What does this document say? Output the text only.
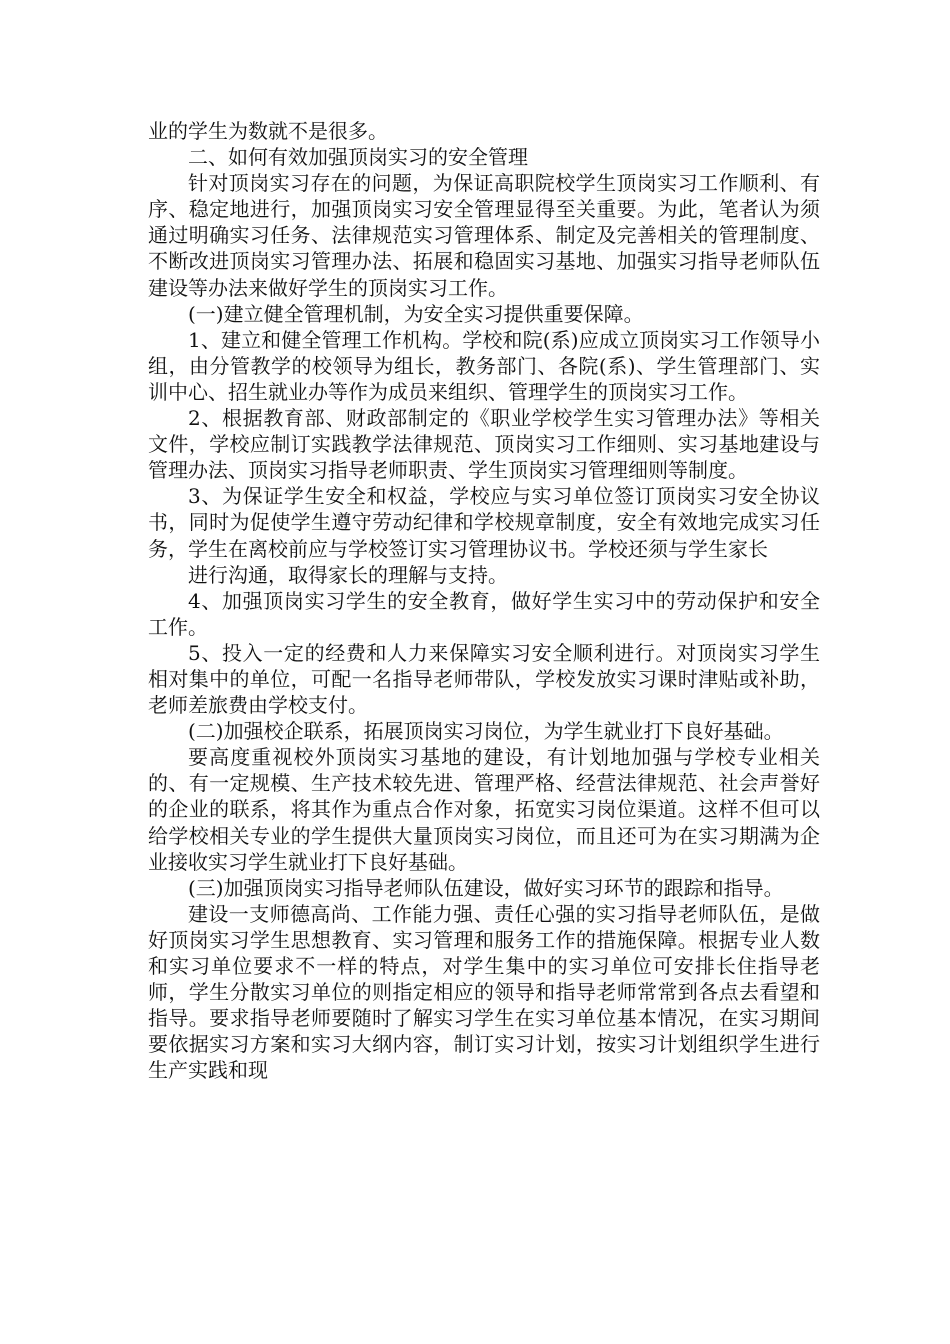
业的学生为数就不是很多。

二、如何有效加强顶岗实习的安全管理

针对顶岗实习存在的问题，为保证高职院校学生顶岗实习工作顺利、有序、稳定地进行，加强顶岗实习安全管理显得至关重要。为此，笔者认为须通过明确实习任务、法律规范实习管理体系、制定及完善相关的管理制度、不断改进顶岗实习管理办法、拓展和稳固实习基地、加强实习指导老师队伍建设等办法来做好学生的顶岗实习工作。

(一)建立健全管理机制，为安全实习提供重要保障。

1、建立和健全管理工作机构。学校和院(系)应成立顶岗实习工作领导小组，由分管教学的校领导为组长，教务部门、各院(系)、学生管理部门、实训中心、招生就业办等作为成员来组织、管理学生的顶岗实习工作。

2、根据教育部、财政部制定的《职业学校学生实习管理办法》等相关文件，学校应制订实践教学法律规范、顶岗实习工作细则、实习基地建设与管理办法、顶岗实习指导老师职责、学生顶岗实习管理细则等制度。

3、为保证学生安全和权益，学校应与实习单位签订顶岗实习安全协议书，同时为促使学生遵守劳动纪律和学校规章制度，安全有效地完成实习任务，学生在离校前应与学校签订实习管理协议书。学校还须与学生家长

进行沟通，取得家长的理解与支持。

4、加强顶岗实习学生的安全教育，做好学生实习中的劳动保护和安全工作。

5、投入一定的经费和人力来保障实习安全顺利进行。对顶岗实习学生相对集中的单位，可配一名指导老师带队，学校发放实习课时津贴或补助，老师差旅费由学校支付。

(二)加强校企联系，拓展顶岗实习岗位，为学生就业打下良好基础。

要高度重视校外顶岗实习基地的建设，有计划地加强与学校专业相关的、有一定规模、生产技术较先进、管理严格、经营法律规范、社会声誉好的企业的联系，将其作为重点合作对象，拓宽实习岗位渠道。这样不但可以给学校相关专业的学生提供大量顶岗实习岗位，而且还可为在实习期满为企业接收实习学生就业打下良好基础。

(三)加强顶岗实习指导老师队伍建设，做好实习环节的跟踪和指导。

建设一支师德高尚、工作能力强、责任心强的实习指导老师队伍，是做好顶岗实习学生思想教育、实习管理和服务工作的措施保障。根据专业人数和实习单位要求不一样的特点，对学生集中的实习单位可安排长住指导老师，学生分散实习单位的则指定相应的领导和指导老师常常到各点去看望和指导。要求指导老师要随时了解实习学生在实习单位基本情况，在实习期间要依据实习方案和实习大纲内容，制订实习计划，按实习计划组织学生进行生产实践和现
